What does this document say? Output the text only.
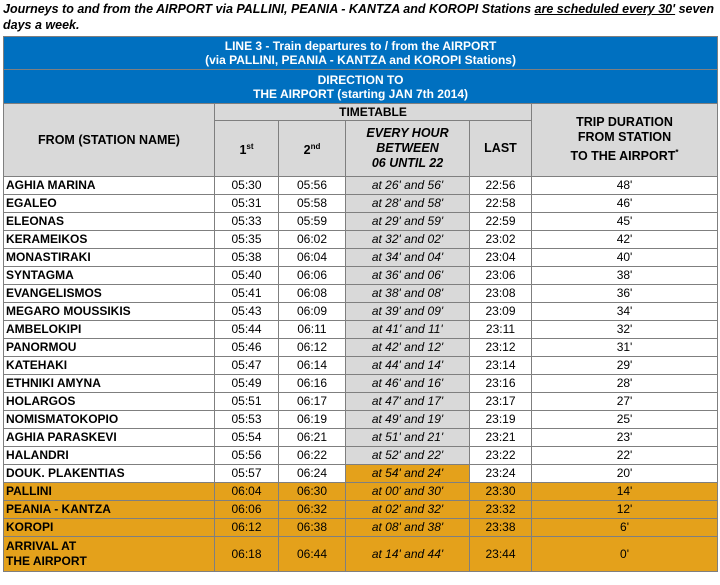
Journeys to and from the AIRPORT via PALLINI, PEANIA - KANTZA and KOROPI Stations are scheduled every 30' seven days a week.
LINE 3 - Train departures to / from the AIRPORT
(via PALLINI, PEANIA - KANTZA and KOROPI Stations)					

DIRECTION TO
THE AIRPORT (starting JAN 7th 2014)					

FROM (STATION NAME)	TIMETABLE				TRIP DURATION
FROM STATION
TO THE AIRPORT*

	1st	2nd	EVERY HOUR
BETWEEN
06 UNTIL 22	LAST	
AGHIA MARINA	05:30	05:56	at 26' and 56'	22:56	48'
EGALEO	05:31	05:58	at 28' and 58'	22:58	46'
ELEONAS	05:33	05:59	at 29' and 59'	22:59	45'
KERAMEIKOS	05:35	06:02	at 32' and 02'	23:02	42'
MONASTIRAKI	05:38	06:04	at 34' and 04'	23:04	40'
SYNTAGMA	05:40	06:06	at 36' and 06'	23:06	38'
EVANGELISMOS	05:41	06:08	at 38' and 08'	23:08	36'
MEGARO MOUSSIKIS	05:43	06:09	at 39' and 09'	23:09	34'
AMBELOKIPI	05:44	06:11	at 41' and 11'	23:11	32'
PANORMOU	05:46	06:12	at 42' and 12'	23:12	31'
KATEHAKI	05:47	06:14	at 44' and 14'	23:14	29'
ETHNIKI AMYNA	05:49	06:16	at 46' and 16'	23:16	28'
HOLARGOS	05:51	06:17	at 47' and 17'	23:17	27'
NOMISMATOKOPIO	05:53	06:19	at 49' and 19'	23:19	25'
AGHIA PARASKEVI	05:54	06:21	at 51' and 21'	23:21	23'
HALANDRI	05:56	06:22	at 52' and 22'	23:22	22'
DOUK. PLAKENTIAS	05:57	06:24	at 54' and 24'	23:24	20'
PALLINI	06:04	06:30	at 00' and 30'	23:30	14'
PEANIA - KANTZA	06:06	06:32	at 02' and 32'	23:32	12'
KOROPI	06:12	06:38	at 08' and 38'	23:38	6'

ARRIVAL AT
THE AIRPORT	06:18	06:44	at 14' and 44'	23:44	0'
